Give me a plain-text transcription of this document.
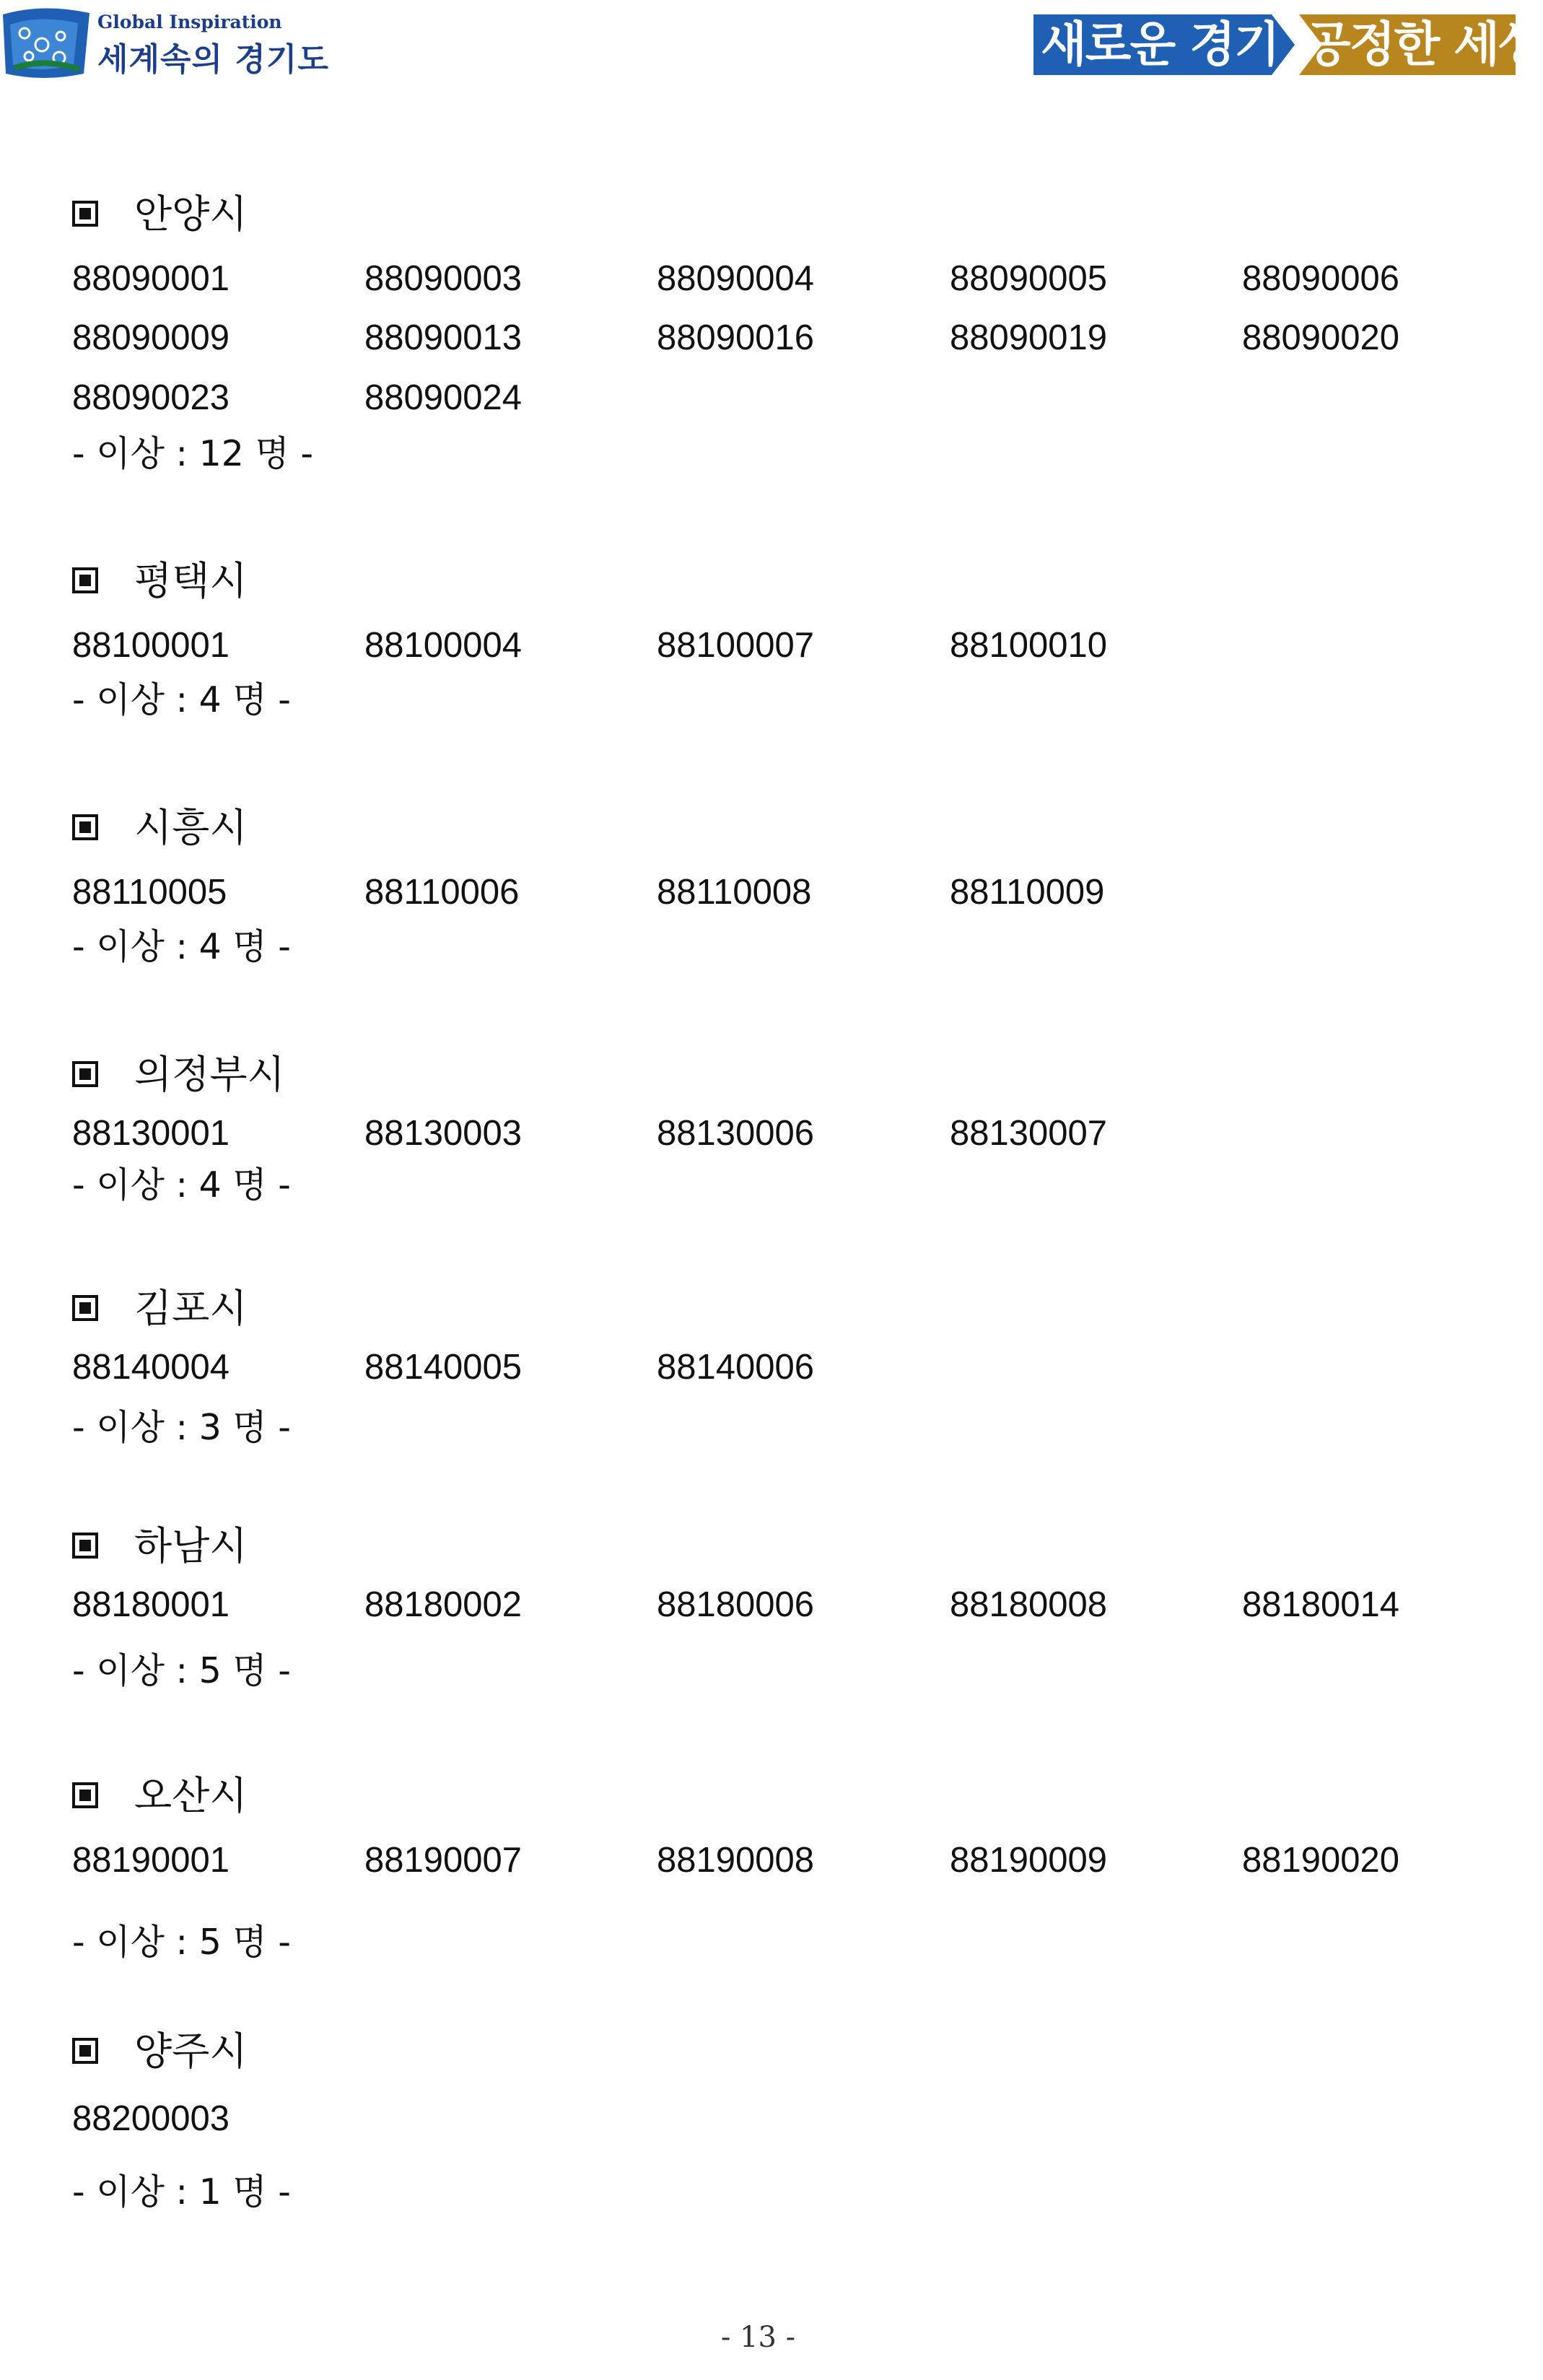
Global Inspiration
세계속의 경기도	새로운 경기 공정한 세상
안양시
88090001	88090003	88090004	88090005	88090006
88090009	88090013	88090016	88090019	88090020
88090023	88090024
- 이상 : 12 명 -
평택시
88100001	88100004	88100007	88100010
- 이상 : 4 명 -
시흥시
88110005	88110006	88110008	88110009
- 이상 : 4 명 -
의정부시
88130001	88130003	88130006	88130007
- 이상 : 4 명 -
김포시
88140004	88140005	88140006
- 이상 : 3 명 -
하남시
88180001	88180002	88180006	88180008	88180014
- 이상 : 5 명 -
오산시
88190001	88190007	88190008	88190009	88190020
- 이상 : 5 명 -
양주시
88200003
- 이상 : 1 명 -
- 13 -
